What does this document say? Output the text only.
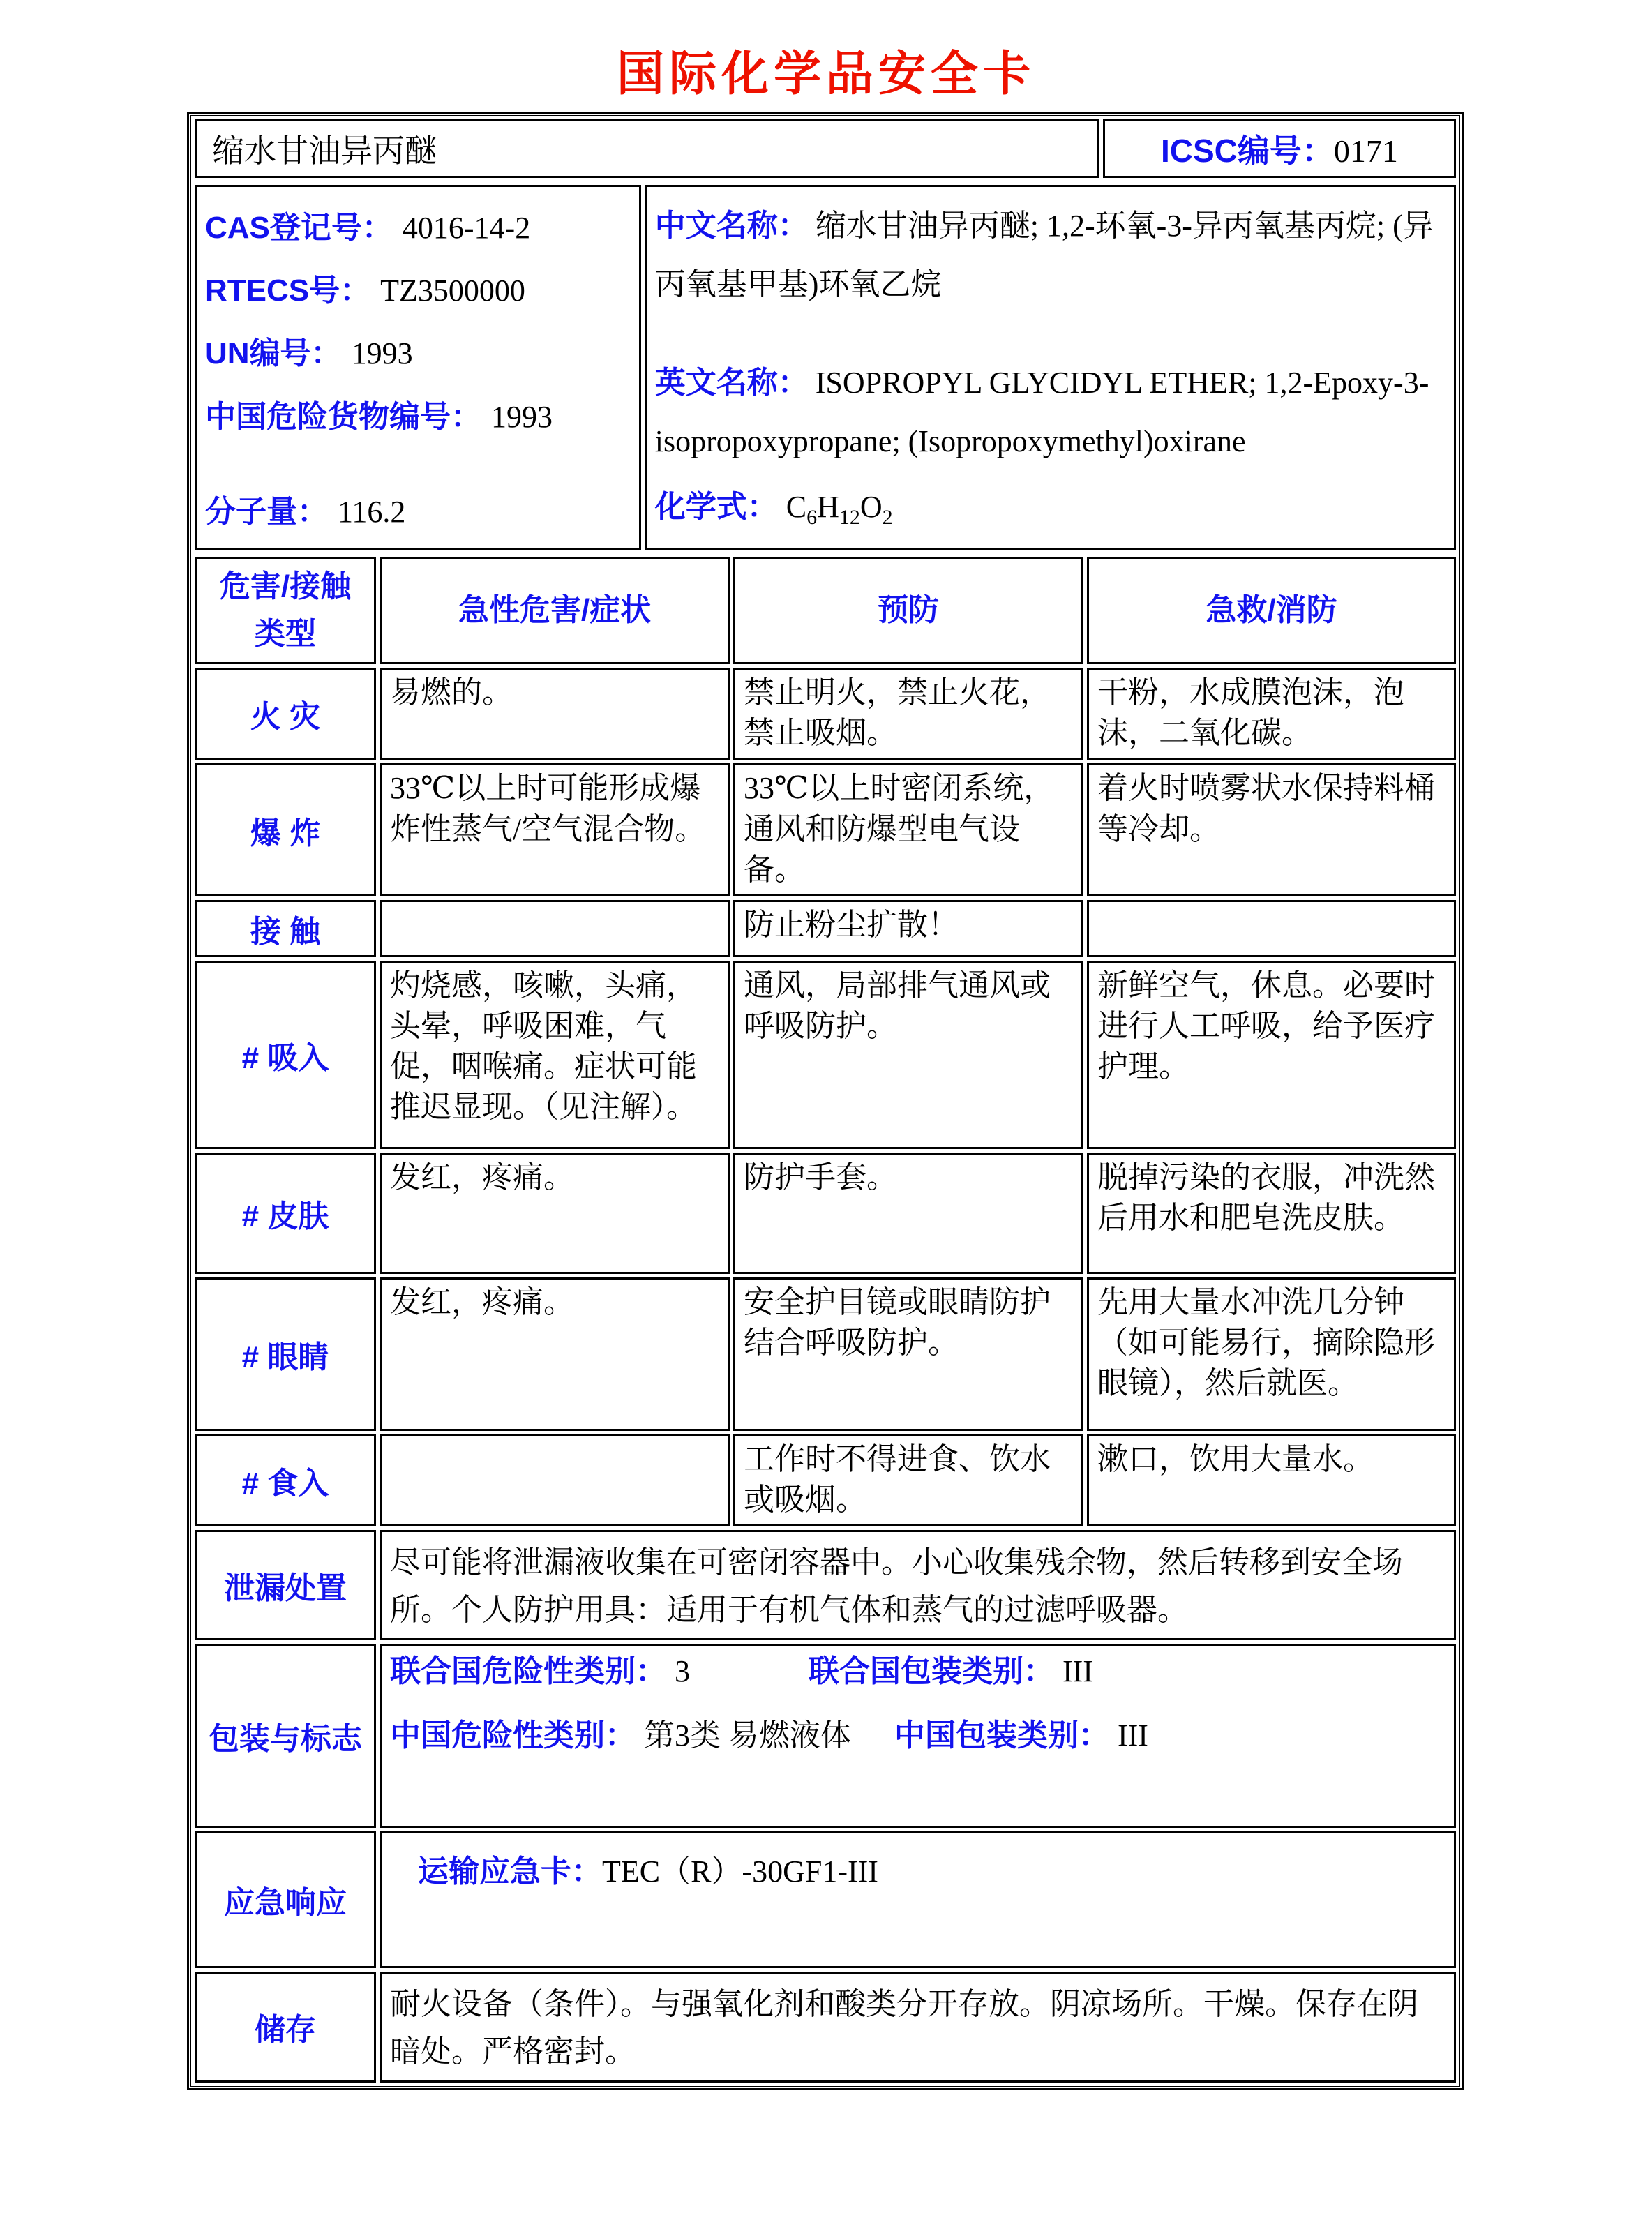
国际化学品安全卡
缩水甘油异丙醚	ICSC编号：0171
CAS登记号： 4016-14-2
RTECS号： TZ3500000
UN编号： 1993
中国危险货物编号： 1993
分子量： 116.2

中文名称： 缩水甘油异丙醚; 1,2-环氧-3-异丙氧基丙烷; (异丙氧基甲基)环氧乙烷
英文名称： ISOPROPYL GLYCIDYL ETHER; 1,2-Epoxy-3-isopropoxypropane; (Isopropoxymethyl)oxirane
化学式： $C_6H_{12}O_2$
危害/接触
类型	急性危害/症状	预防	急救/消防
火 灾	易燃的。	禁止明火，禁止火花，禁止吸烟。	干粉，水成膜泡沫，泡沫，二氧化碳。
爆 炸	33℃以上时可能形成爆炸性蒸气/空气混合物。	33℃以上时密闭系统，通风和防爆型电气设备。	着火时喷雾状水保持料桶等冷却。
接 触		防止粉尘扩散！	
# 吸入	灼烧感，咳嗽，头痛，头晕，呼吸困难，气促，咽喉痛。症状可能推迟显现。（见注解）。	通风，局部排气通风或呼吸防护。	新鲜空气，休息。必要时进行人工呼吸，给予医疗护理。
# 皮肤	发红，疼痛。	防护手套。	脱掉污染的衣服，冲洗然后用水和肥皂洗皮肤。
# 眼睛	发红，疼痛。	安全护目镜或眼睛防护结合呼吸防护。	先用大量水冲洗几分钟（如可能易行，摘除隐形眼镜），然后就医。
# 食入		工作时不得进食、饮水或吸烟。	漱口，饮用大量水。
泄漏处置	尽可能将泄漏液收集在可密闭容器中。小心收集残余物，然后转移到安全场所。个人防护用具：适用于有机气体和蒸气的过滤呼吸器。		
包装与标志	联合国危险性类别： 3 联合国包装类别： III
中国危险性类别： 第3类 易燃液体 中国包装类别： III		

应急响应	运输应急卡：TEC（R）-30GF1-III		

储存	耐火设备（条件）。与强氧化剂和酸类分开存放。阴凉场所。干燥。保存在阴暗处。严格密封。		
